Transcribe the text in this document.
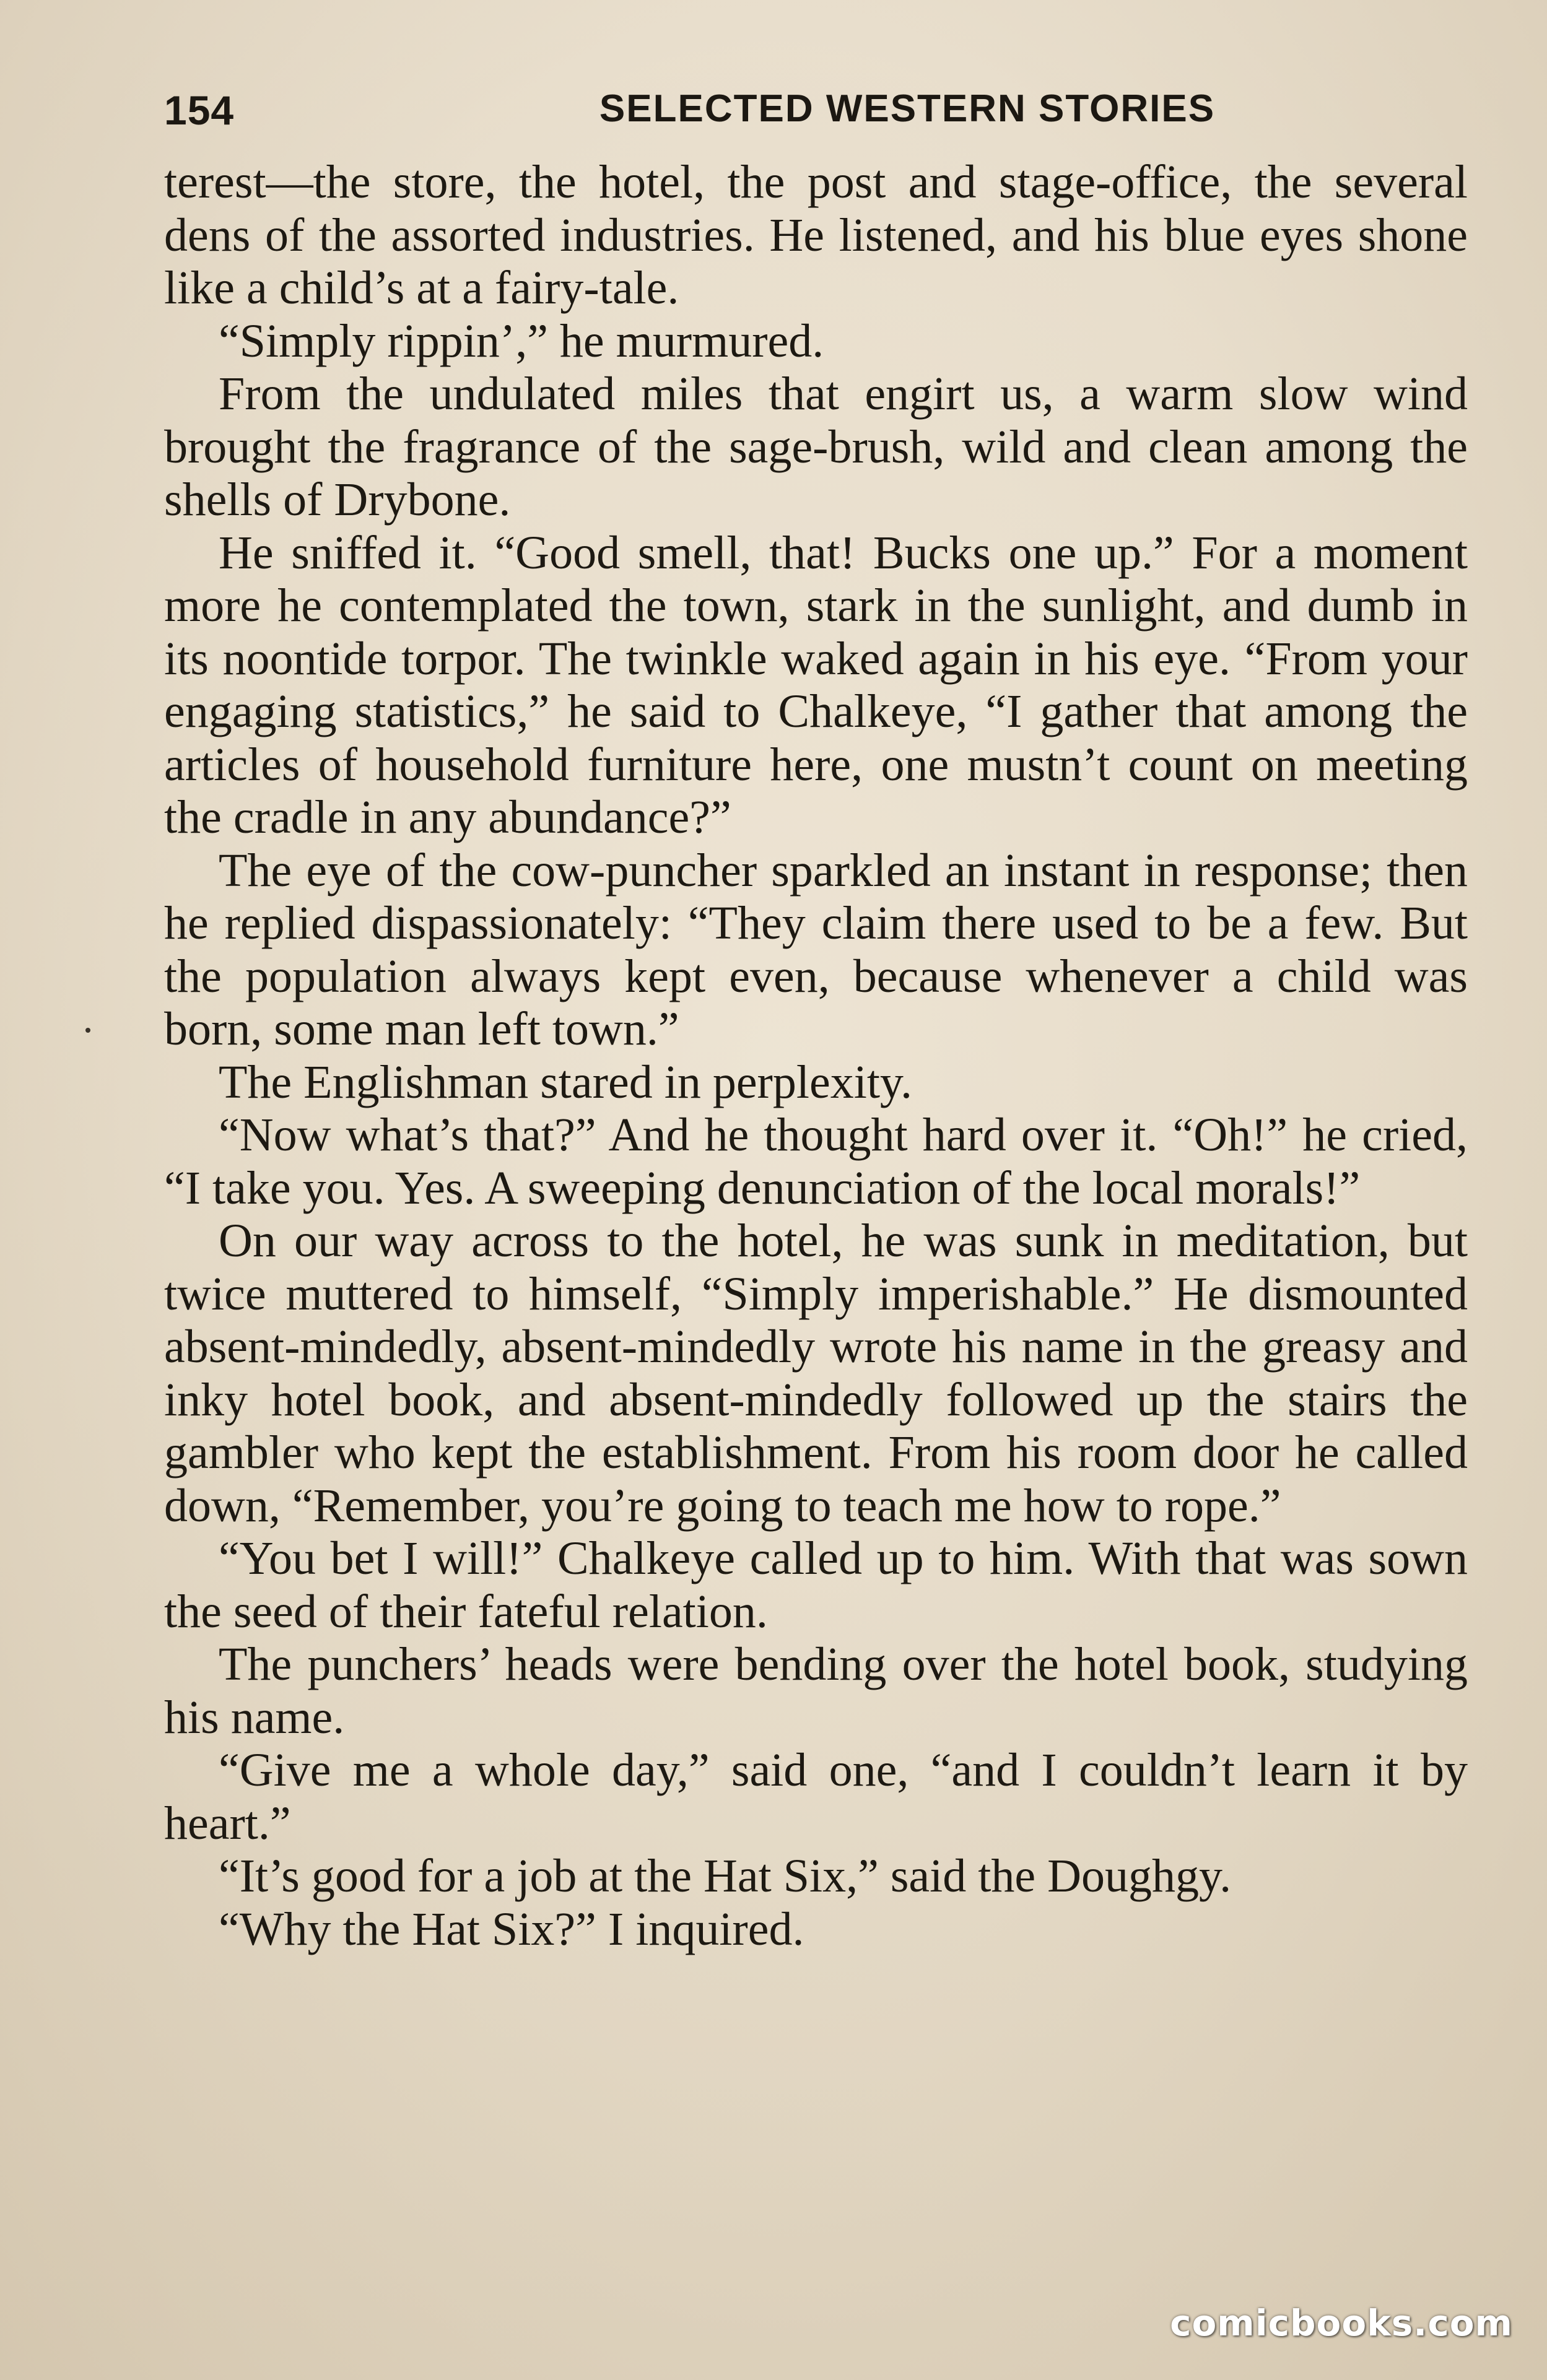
154	SELECTED WESTERN STORIES

terest—the store, the hotel, the post and stage-office, the several dens of the assorted industries. He listened, and his blue eyes shone like a child’s at a fairy-tale.

“Simply rippin’,” he murmured.

From the undulated miles that engirt us, a warm slow wind brought the fragrance of the sage-brush, wild and clean among the shells of Drybone.

He sniffed it. “Good smell, that! Bucks one up.” For a moment more he contemplated the town, stark in the sunlight, and dumb in its noontide torpor. The twinkle waked again in his eye. “From your engaging statistics,” he said to Chalkeye, “I gather that among the articles of household furniture here, one mustn’t count on meeting the cradle in any abundance?”

The eye of the cow-puncher sparkled an instant in response; then he replied dispassionately: “They claim there used to be a few. But the population always kept even, because whenever a child was born, some man left town.”

The Englishman stared in perplexity.

“Now what’s that?” And he thought hard over it. “Oh!” he cried, “I take you. Yes. A sweeping denunciation of the local morals!”

On our way across to the hotel, he was sunk in meditation, but twice muttered to himself, “Simply imperishable.” He dismounted absent-mindedly, absent-mindedly wrote his name in the greasy and inky hotel book, and absent-mindedly followed up the stairs the gambler who kept the establishment. From his room door he called down, “Remember, you’re going to teach me how to rope.”

“You bet I will!” Chalkeye called up to him. With that was sown the seed of their fateful relation.

The punchers’ heads were bending over the hotel book, studying his name.

“Give me a whole day,” said one, “and I couldn’t learn it by heart.”

“It’s good for a job at the Hat Six,” said the Doughgy.

“Why the Hat Six?” I inquired.

comicbooks.com
